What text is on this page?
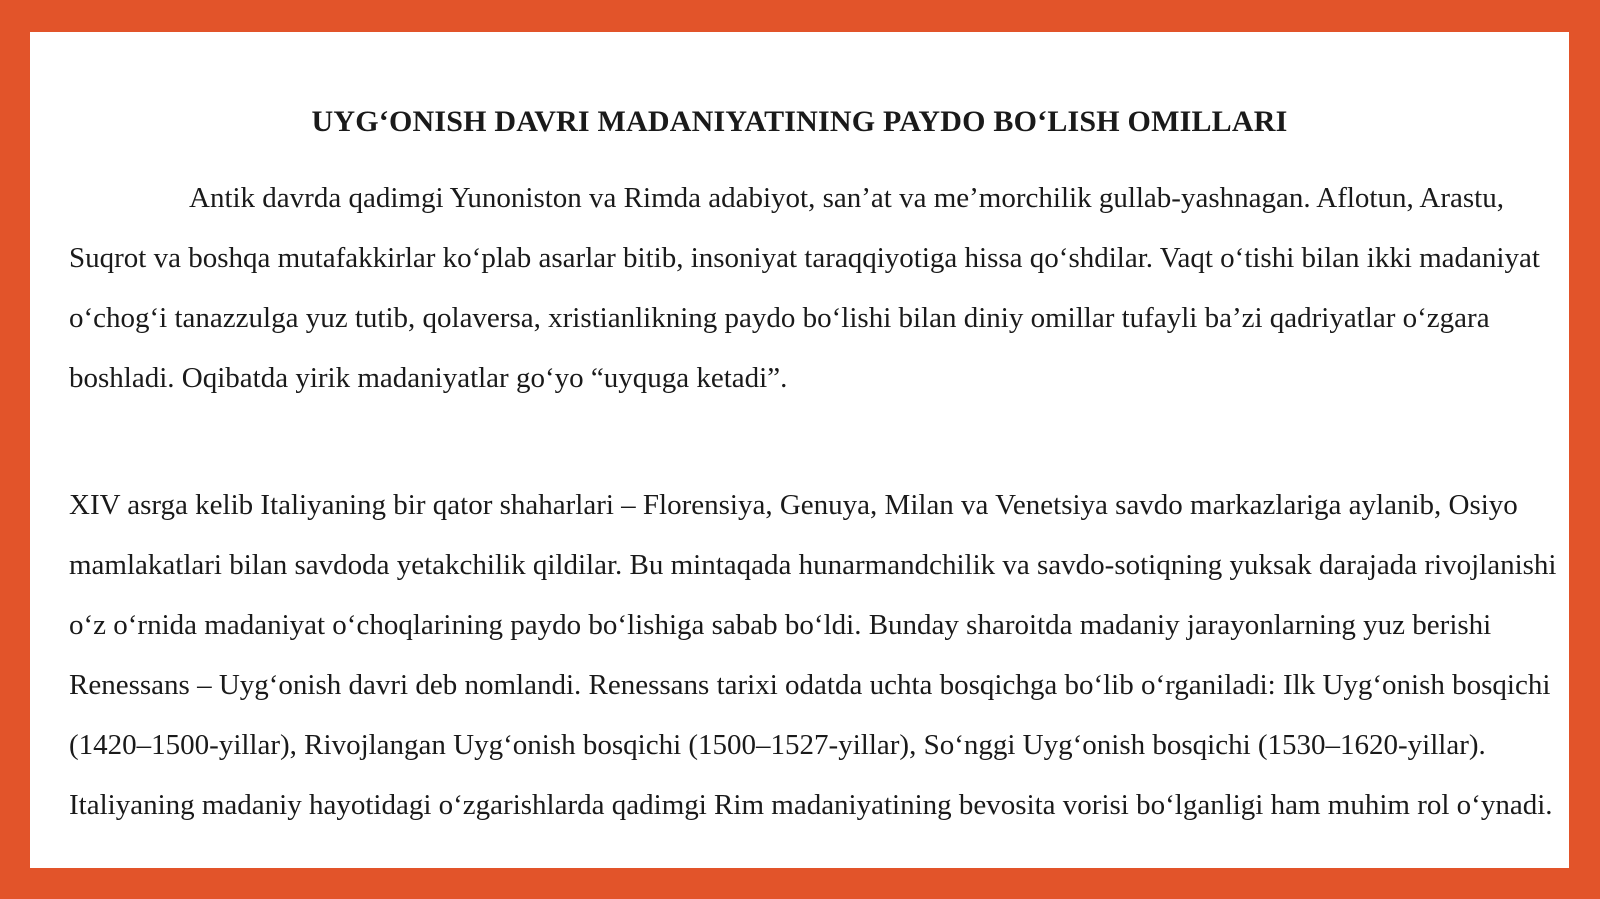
UYG‘ONISH DAVRI MADANIYATINING PAYDO BO‘LISH OMILLARI

Antik davrda qadimgi Yunoniston va Rimda adabiyot, san’at va me’morchilik gullab-yashnagan. Aflotun, Arastu, Suqrot va boshqa mutafakkirlar ko‘plab asarlar bitib, insoniyat taraqqiyotiga hissa qo‘shdilar. Vaqt o‘tishi bilan ikki madaniyat o‘chog‘i tanazzulga yuz tutib, qolaversa, xristianlikning paydo bo‘lishi bilan diniy omillar tufayli ba’zi qadriyatlar o‘zgara boshladi. Oqibatda yirik madaniyatlar go‘yo “uyquga ketadi”.

XIV asrga kelib Italiyaning bir qator shaharlari – Florensiya, Genuya, Milan va Venetsiya savdo markazlariga aylanib, Osiyo mamlakatlari bilan savdoda yetakchilik qildilar. Bu mintaqada hunarmandchilik va savdo-sotiqning yuksak darajada rivojlanishi o‘z o‘rnida madaniyat o‘choqlarining paydo bo‘lishiga sabab bo‘ldi. Bunday sharoitda madaniy jarayonlarning yuz berishi Renessans – Uyg‘onish davri deb nomlandi. Renessans tarixi odatda uchta bosqichga bo‘lib o‘rganiladi: Ilk Uyg‘onish bosqichi (1420–1500-yillar), Rivojlangan Uyg‘onish bosqichi (1500–1527-yillar), So‘nggi Uyg‘onish bosqichi (1530–1620-yillar). Italiyaning madaniy hayotidagi o‘zgarishlarda qadimgi Rim madaniyatining bevosita vorisi bo‘lganligi ham muhim rol o‘ynadi.
